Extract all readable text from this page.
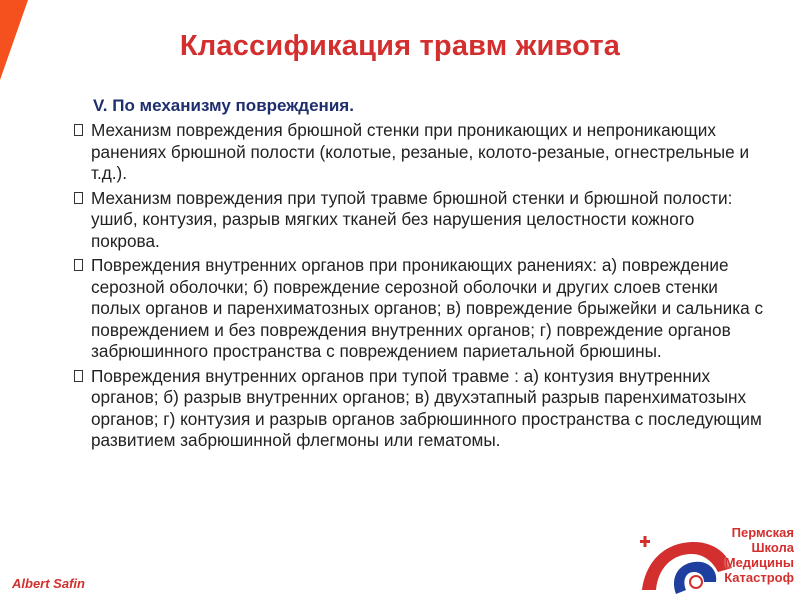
Классификация травм живота
V. По механизму повреждения.
Механизм повреждения брюшной стенки при проникающих и непроникающих ранениях брюшной полости (колотые, резаные, колото-резаные, огнестрельные и т.д.).
Механизм повреждения при тупой травме брюшной стенки и брюшной полости: ушиб, контузия, разрыв мягких тканей без нарушения целостности кожного покрова.
Повреждения внутренних органов при проникающих ранениях: а) повреждение серозной оболочки; б) повреждение серозной оболочки и других слоев стенки полых органов и паренхиматозных органов; в) повреждение брыжейки и сальника с повреждением и без повреждения внутренних органов; г) повреждение органов забрюшинного пространства с повреждением париетальной брюшины.
Повреждения внутренних органов при тупой травме : а) контузия внутренних органов; б) разрыв внутренних органов; в) двухэтапный разрыв паренхиматозынх органов; г) контузия и разрыв органов забрюшинного пространства с последующим развитием забрюшинной флегмоны или гематомы.
Albert Safin
Пермская
Школа
Медицины
Катастроф
